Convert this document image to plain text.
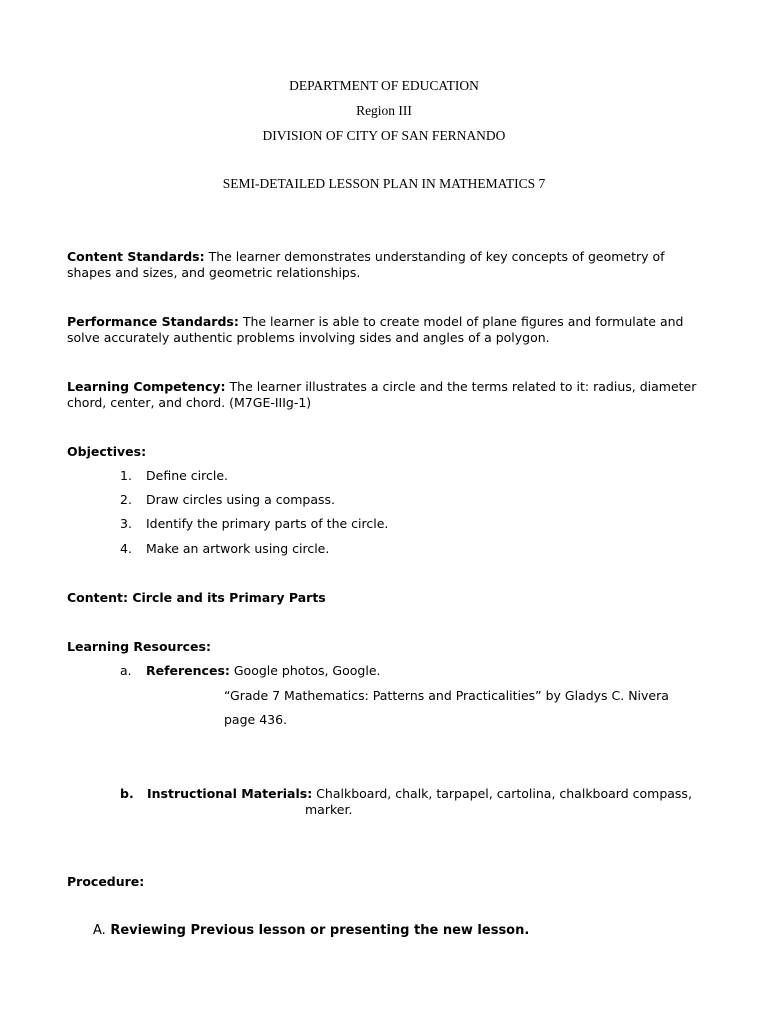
DEPARTMENT OF EDUCATION
Region III
DIVISION OF CITY OF SAN FERNANDO
SEMI-DETAILED LESSON PLAN IN MATHEMATICS 7
Content Standards: The learner demonstrates understanding of key concepts of geometry of shapes and sizes, and geometric relationships.
Performance Standards: The learner is able to create model of plane figures and formulate and solve accurately authentic problems involving sides and angles of a polygon.
Learning Competency: The learner illustrates a circle and the terms related to it: radius, diameter chord, center, and chord. (M7GE-IIIg-1)
Objectives:
1. Define circle.
2. Draw circles using a compass.
3. Identify the primary parts of the circle.
4. Make an artwork using circle.
Content: Circle and its Primary Parts
Learning Resources:
a. References: Google photos, Google.
“Grade 7 Mathematics: Patterns and Practicalities” by Gladys C. Nivera
page 436.
b. Instructional Materials: Chalkboard, chalk, tarpapel, cartolina, chalkboard compass,
marker.
Procedure:
A. Reviewing Previous lesson or presenting the new lesson.
